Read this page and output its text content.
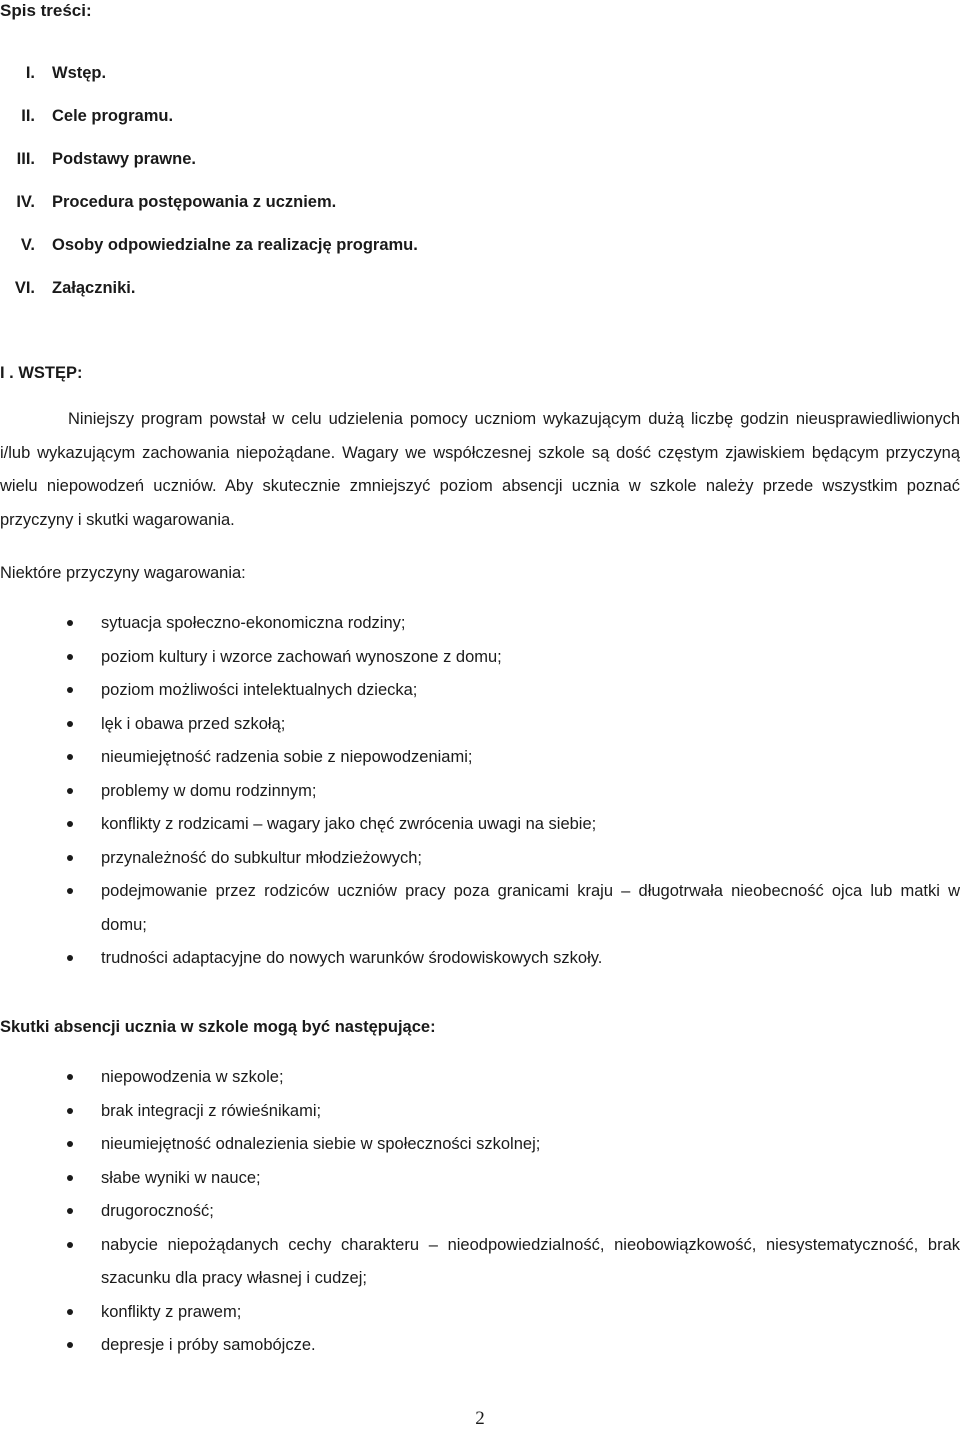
Spis treści:
I. Wstęp.
II. Cele programu.
III. Podstawy prawne.
IV. Procedura postępowania z uczniem.
V. Osoby odpowiedzialne za realizację programu.
VI. Załączniki.
I . WSTĘP:

Niniejszy program powstał w celu udzielenia pomocy uczniom wykazującym dużą liczbę godzin nieusprawiedliwionych i/lub wykazującym zachowania niepożądane. Wagary we współczesnej szkole są dość częstym zjawiskiem będącym przyczyną wielu niepowodzeń uczniów. Aby skutecznie zmniejszyć poziom absencji ucznia w szkole należy przede wszystkim poznać przyczyny i skutki wagarowania.

Niektóre przyczyny wagarowania:
sytuacja społeczno-ekonomiczna rodziny;
poziom kultury i wzorce zachowań wynoszone z domu;
poziom możliwości intelektualnych dziecka;
lęk i obawa przed szkołą;
nieumiejętność radzenia sobie z niepowodzeniami;
problemy w domu rodzinnym;
konflikty z rodzicami – wagary jako chęć zwrócenia uwagi na siebie;
przynależność do subkultur młodzieżowych;
podejmowanie przez rodziców uczniów pracy poza granicami kraju – długotrwała nieobecność ojca lub matki w domu;
trudności adaptacyjne do nowych warunków środowiskowych szkoły.
Skutki absencji ucznia w szkole mogą być następujące:
niepowodzenia w szkole;
brak integracji z rówieśnikami;
nieumiejętność odnalezienia siebie w społeczności szkolnej;
słabe wyniki w nauce;
drugoroczność;
nabycie niepożądanych cechy charakteru – nieodpowiedzialność, nieobowiązkowość, niesystematyczność, brak szacunku dla pracy własnej i cudzej;
konflikty z prawem;
depresje i próby samobójcze.
2
